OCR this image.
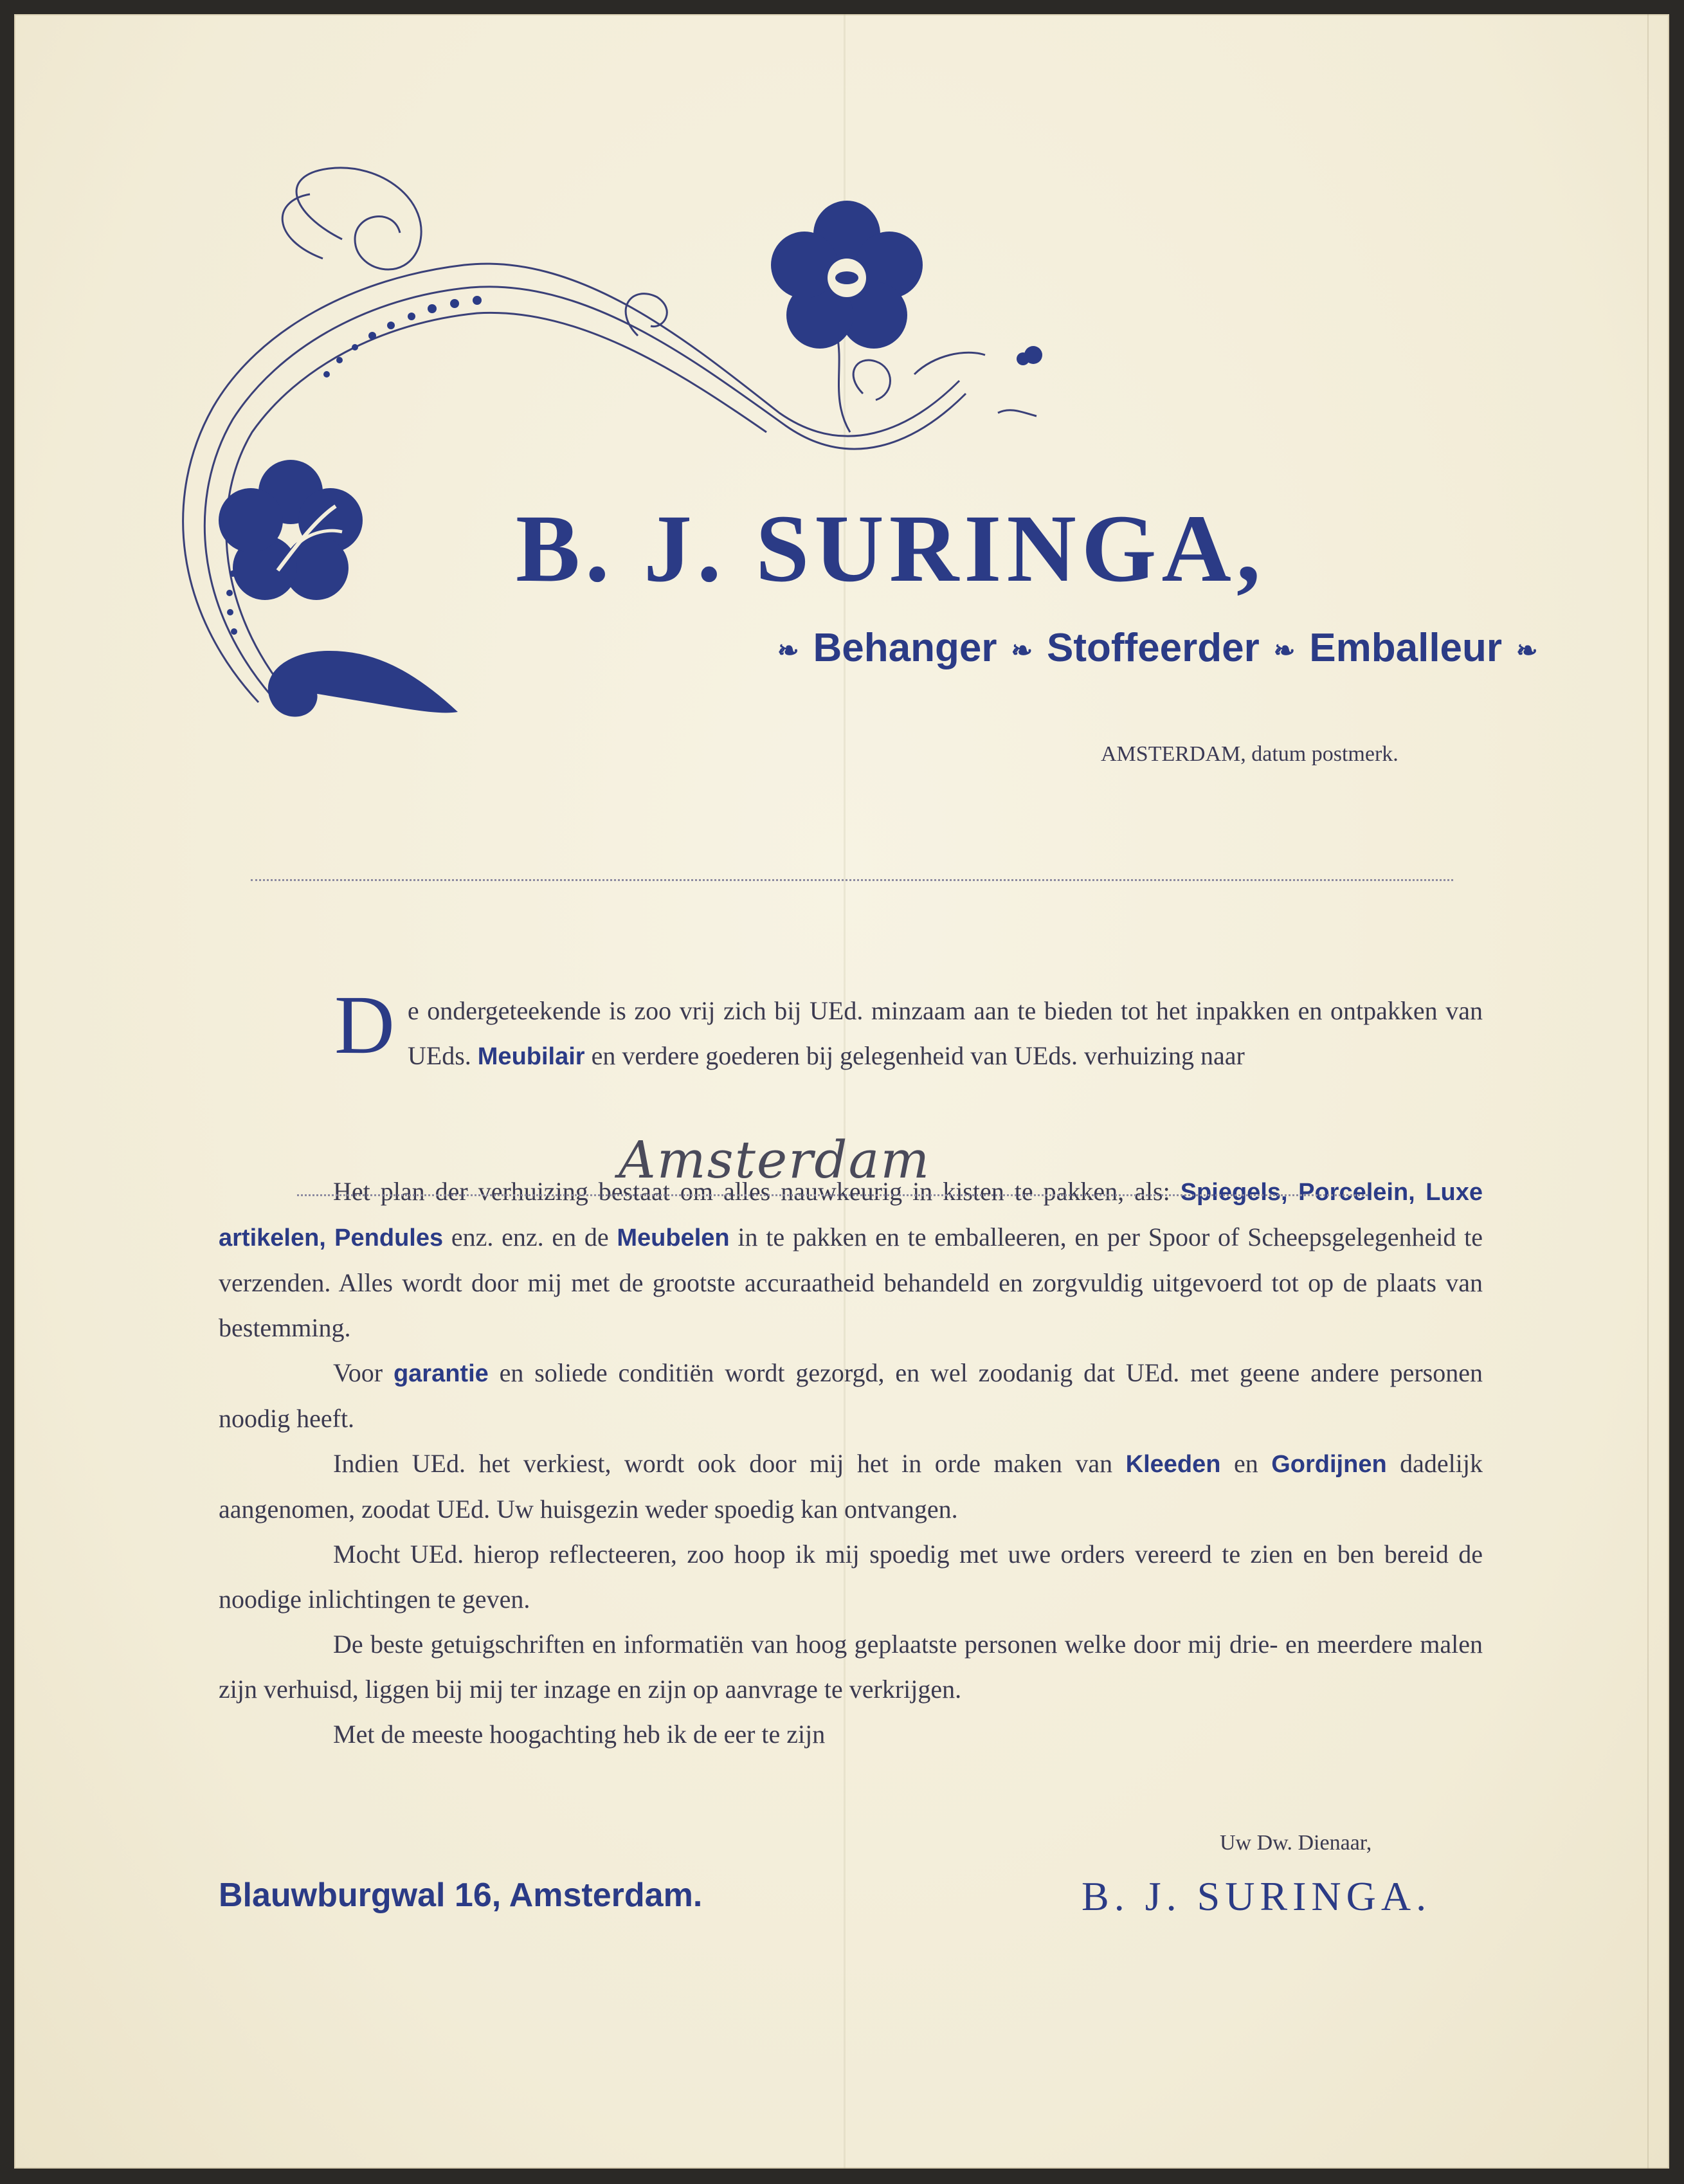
B. J. SURINGA,
❧ Behanger ❧ Stoffeerder ❧ Emballeur ❧
AMSTERDAM, datum postmerk.

De ondergeteekende is zoo vrij zich bij UEd. minzaam aan te bieden tot het inpakken en ontpakken van UEds. Meubilair en verdere goederen bij gelegenheid van UEds. verhuizing naar

Het plan der verhuizing bestaat om alles nauwkeurig in kisten te pakken, als: Spiegels, Porcelein, Luxe artikelen, Pendules enz. enz. en de Meubelen in te pakken en te emballeeren, en per Spoor of Scheepsgelegenheid te verzenden. Alles wordt door mij met de grootste accuraatheid behandeld en zorgvuldig uitgevoerd tot op de plaats van bestemming.

Voor garantie en soliede conditiën wordt gezorgd, en wel zoodanig dat UEd. met geene andere personen noodig heeft.

Indien UEd. het verkiest, wordt ook door mij het in orde maken van Kleeden en Gordijnen dadelijk aangenomen, zoodat UEd. Uw huisgezin weder spoedig kan ontvangen.

Mocht UEd. hierop reflecteeren, zoo hoop ik mij spoedig met uwe orders vereerd te zien en ben bereid de noodige inlichtingen te geven.

De beste getuigschriften en informatiën van hoog geplaatste personen welke door mij drie- en meerdere malen zijn verhuisd, liggen bij mij ter inzage en zijn op aanvrage te verkrijgen.

Met de meeste hoogachting heb ik de eer te zijn

Amsterdam
Uw Dw. Dienaar,
Blauwburgwal 16, Amsterdam.	B. J. SURINGA.
